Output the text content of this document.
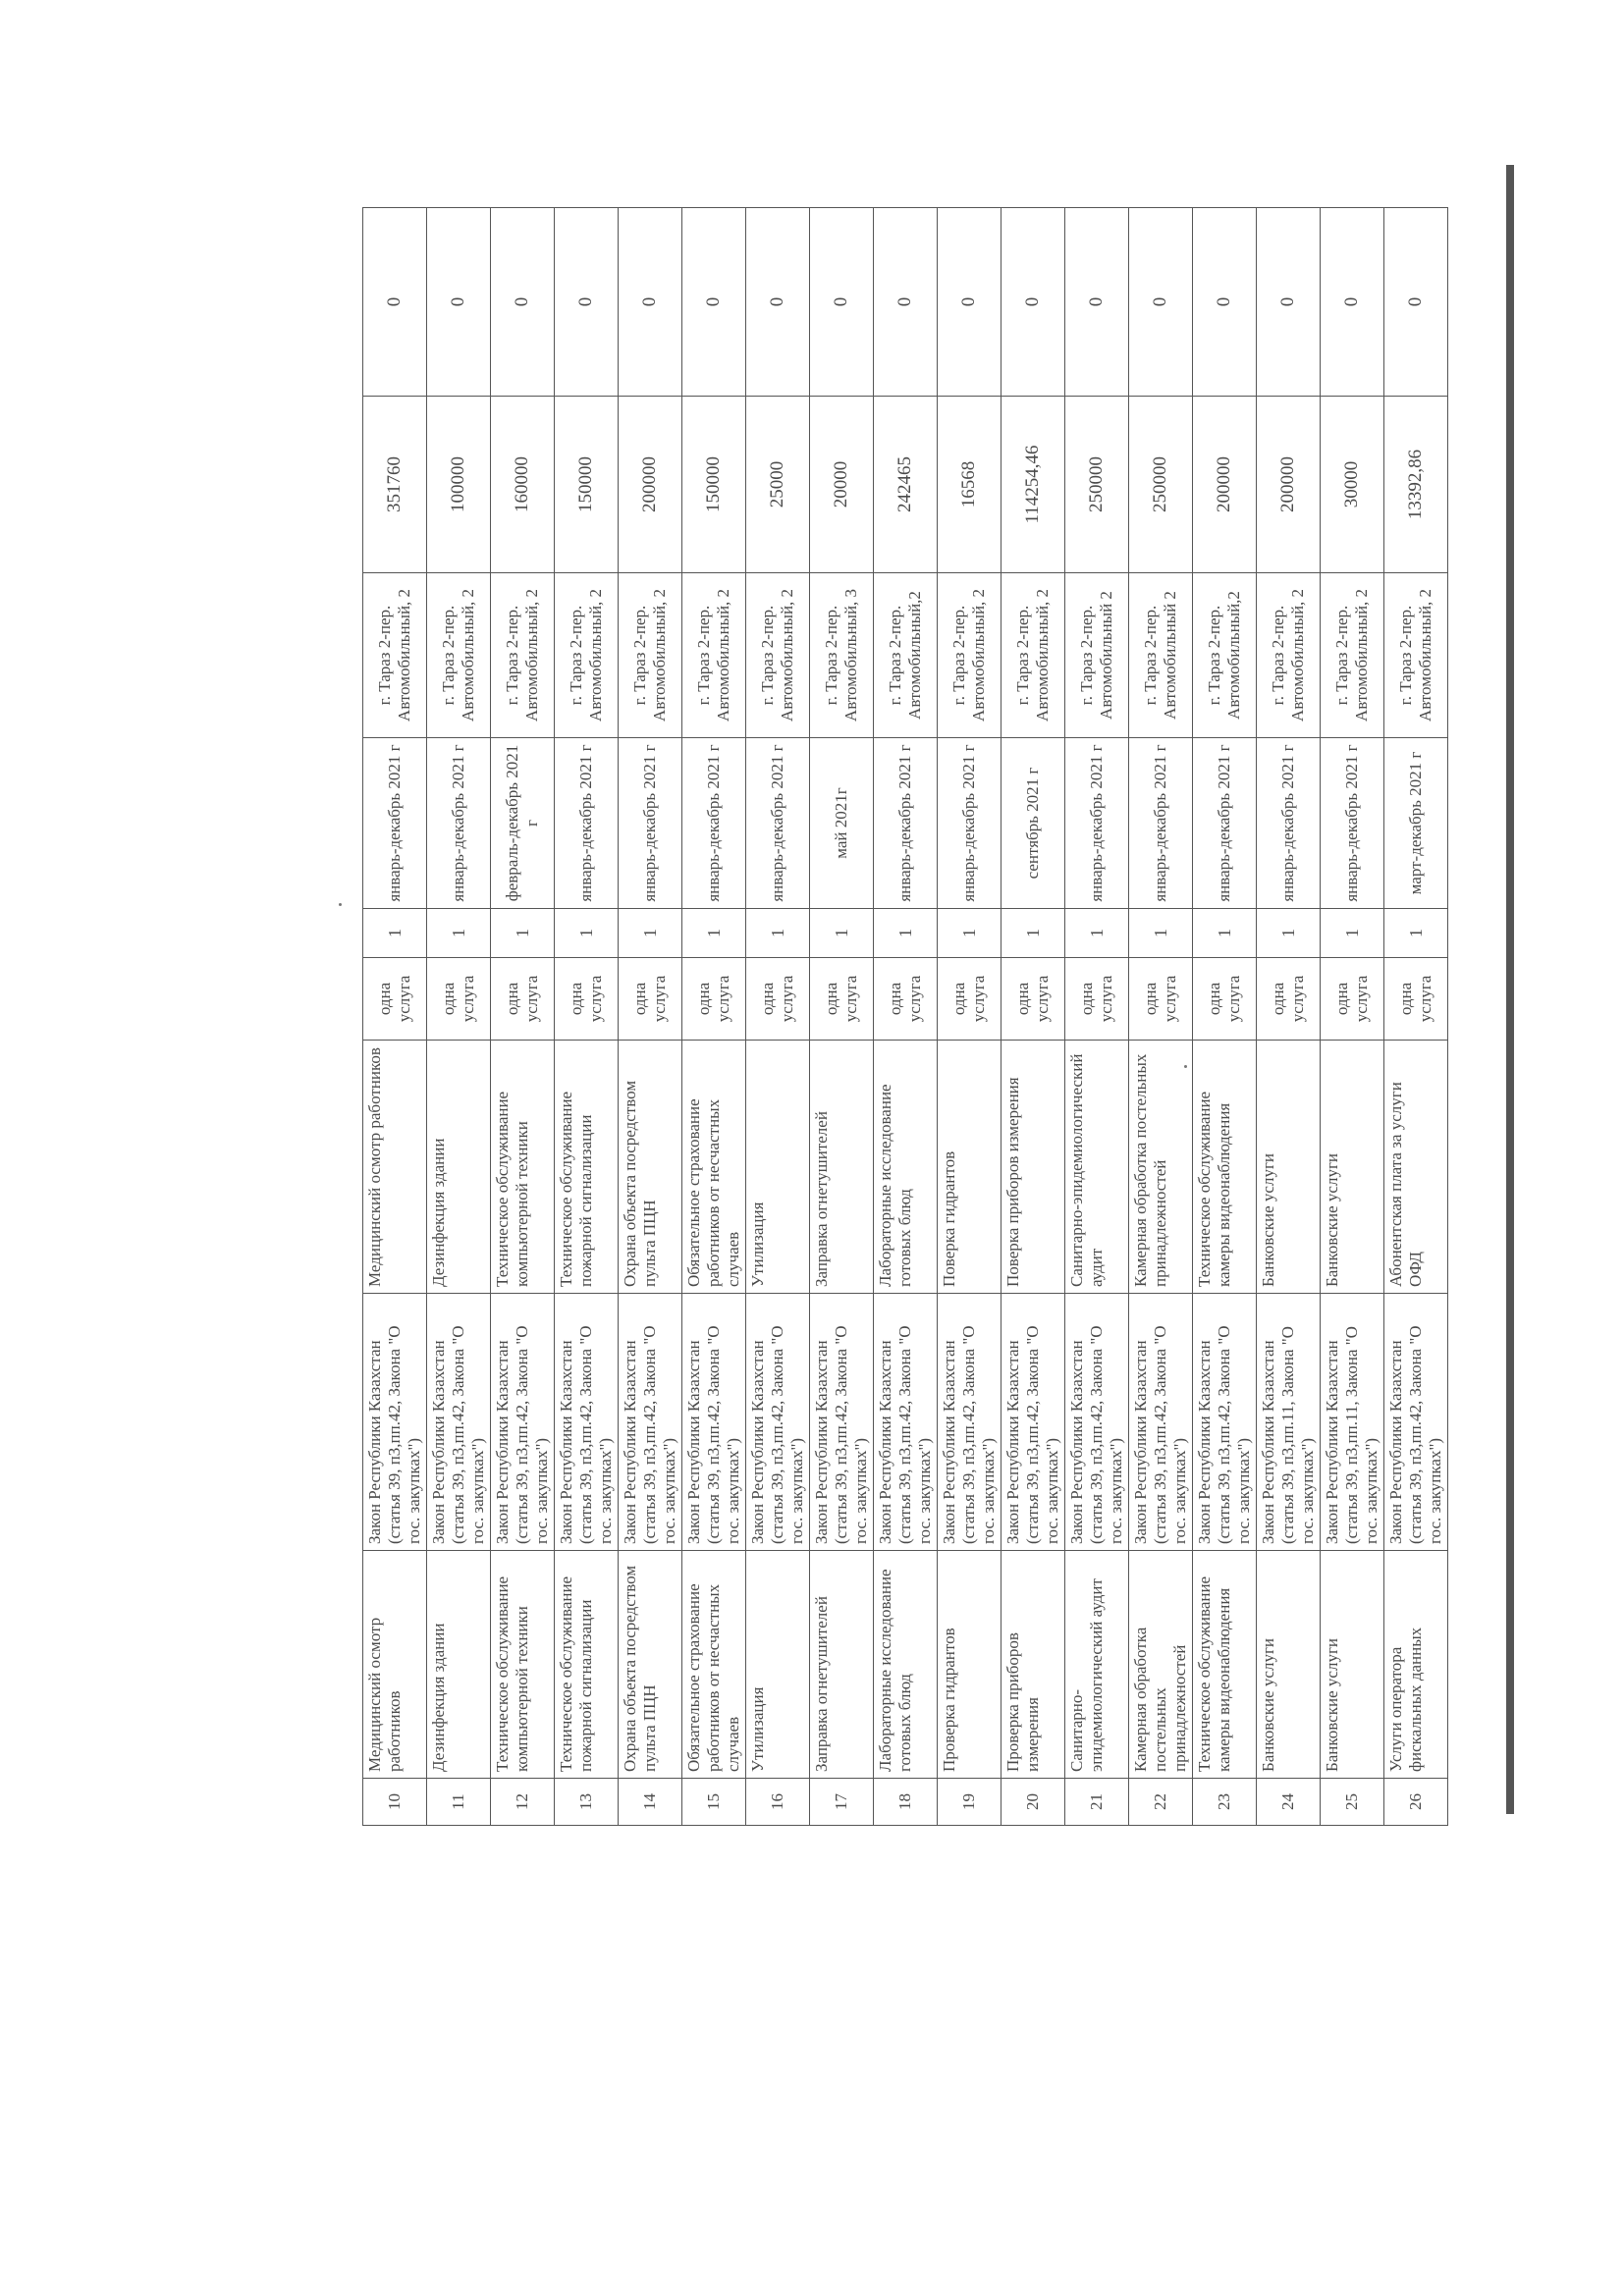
10	Медицинский осмотр работников	Закон Республики Казахстан (статья 39, п3,пп.42, Закона "О гос. закупках")	Медицинский осмотр работников	одна услуга	1	январь-декабрь 2021 г	г. Тараз 2-пер. Автомобильный, 2	351760	0
11	Дезинфекция здании	Закон Республики Казахстан (статья 39, п3,пп.42, Закона "О гос. закупках")	Дезинфекция здании	одна услуга	1	январь-декабрь 2021 г	г. Тараз 2-пер. Автомобильный, 2	100000	0
12	Техническое обслуживание компьютерной техники	Закон Республики Казахстан (статья 39, п3,пп.42, Закона "О гос. закупках")	Техническое обслуживание компьютерной техники	одна услуга	1	февраль-декабрь 2021 г	г. Тараз 2-пер. Автомобильный, 2	160000	0
13	Техническое обслуживание пожарной сигнализации	Закон Республики Казахстан (статья 39, п3,пп.42, Закона "О гос. закупках")	Техническое обслуживание пожарной сигнализации	одна услуга	1	январь-декабрь 2021 г	г. Тараз 2-пер. Автомобильный, 2	150000	0
14	Охрана объекта посредством пульта ПЦН	Закон Республики Казахстан (статья 39, п3,пп.42, Закона "О гос. закупках")	Охрана объекта посредством пульта ПЦН	одна услуга	1	январь-декабрь 2021 г	г. Тараз 2-пер. Автомобильный, 2	200000	0
15	Обязательное страхование работников от несчастных случаев	Закон Республики Казахстан (статья 39, п3,пп.42, Закона "О гос. закупках")	Обязательное страхование работников от несчастных случаев	одна услуга	1	январь-декабрь 2021 г	г. Тараз 2-пер. Автомобильный, 2	150000	0
16	Утилизация	Закон Республики Казахстан (статья 39, п3,пп.42, Закона "О гос. закупках")	Утилизация	одна услуга	1	январь-декабрь 2021 г	г. Тараз 2-пер. Автомобильный, 2	25000	0
17	Заправка огнетушителей	Закон Республики Казахстан (статья 39, п3,пп.42, Закона "О гос. закупках")	Заправка огнетушителей	одна услуга	1	май 2021г	г. Тараз 2-пер. Автомобильный, 3	20000	0
18	Лабораторные исследование готовых блюд	Закон Республики Казахстан (статья 39, п3,пп.42, Закона "О гос. закупках")	Лабораторные исследование готовых блюд	одна услуга	1	январь-декабрь 2021 г	г. Тараз 2-пер. Автомобильный,2	242465	0
19	Проверка гидрантов	Закон Республики Казахстан (статья 39, п3,пп.42, Закона "О гос. закупках")	Поверка гидрантов	одна услуга	1	январь-декабрь 2021 г	г. Тараз 2-пер. Автомобильный, 2	16568	0
20	Проверка приборов измерения	Закон Республики Казахстан (статья 39, п3,пп.42, Закона "О гос. закупках")	Поверка приборов измерения	одна услуга	1	сентябрь 2021 г	г. Тараз 2-пер. Автомобильный, 2	114254,46	0
21	Санитарно-эпидемиологический аудит	Закон Республики Казахстан (статья 39, п3,пп.42, Закона "О гос. закупках")	Санитарно-эпидемиологический аудит	одна услуга	1	январь-декабрь 2021 г	г. Тараз 2-пер. Автомобильный 2	250000	0
22	Камерная обработка постельных принадлежностей	Закон Республики Казахстан (статья 39, п3,пп.42, Закона "О гос. закупках")	Камерная обработка постельных принадлежностей	одна услуга	1	январь-декабрь 2021 г	г. Тараз 2-пер. Автомобильный 2	250000	0
23	Техническое обслуживание камеры видеонаблюдения	Закон Республики Казахстан (статья 39, п3,пп.42, Закона "О гос. закупках")	Техническое обслуживание камеры видеонаблюдения	одна услуга	1	январь-декабрь 2021 г	г. Тараз 2-пер. Автомобильный,2	200000	0
24	Банковские услуги	Закон Республики Казахстан (статья 39, п3,пп.11, Закона "О гос. закупках")	Банковские услуги	одна услуга	1	январь-декабрь 2021 г	г. Тараз 2-пер. Автомобильный, 2	200000	0
25	Банковские услуги	Закон Республики Казахстан (статья 39, п3,пп.11, Закона "О гос. закупках")	Банковские услуги	одна услуга	1	январь-декабрь 2021 г	г. Тараз 2-пер. Автомобильный, 2	30000	0
26	Услуги оператора фискальных данных	Закон Республики Казахстан (статья 39, п3,пп.42, Закона "О гос. закупках")	Абонентская плата за услуги ОФД	одна услуга	1	март-декабрь 2021 г	г. Тараз 2-пер. Автомобильный, 2	13392,86	0
